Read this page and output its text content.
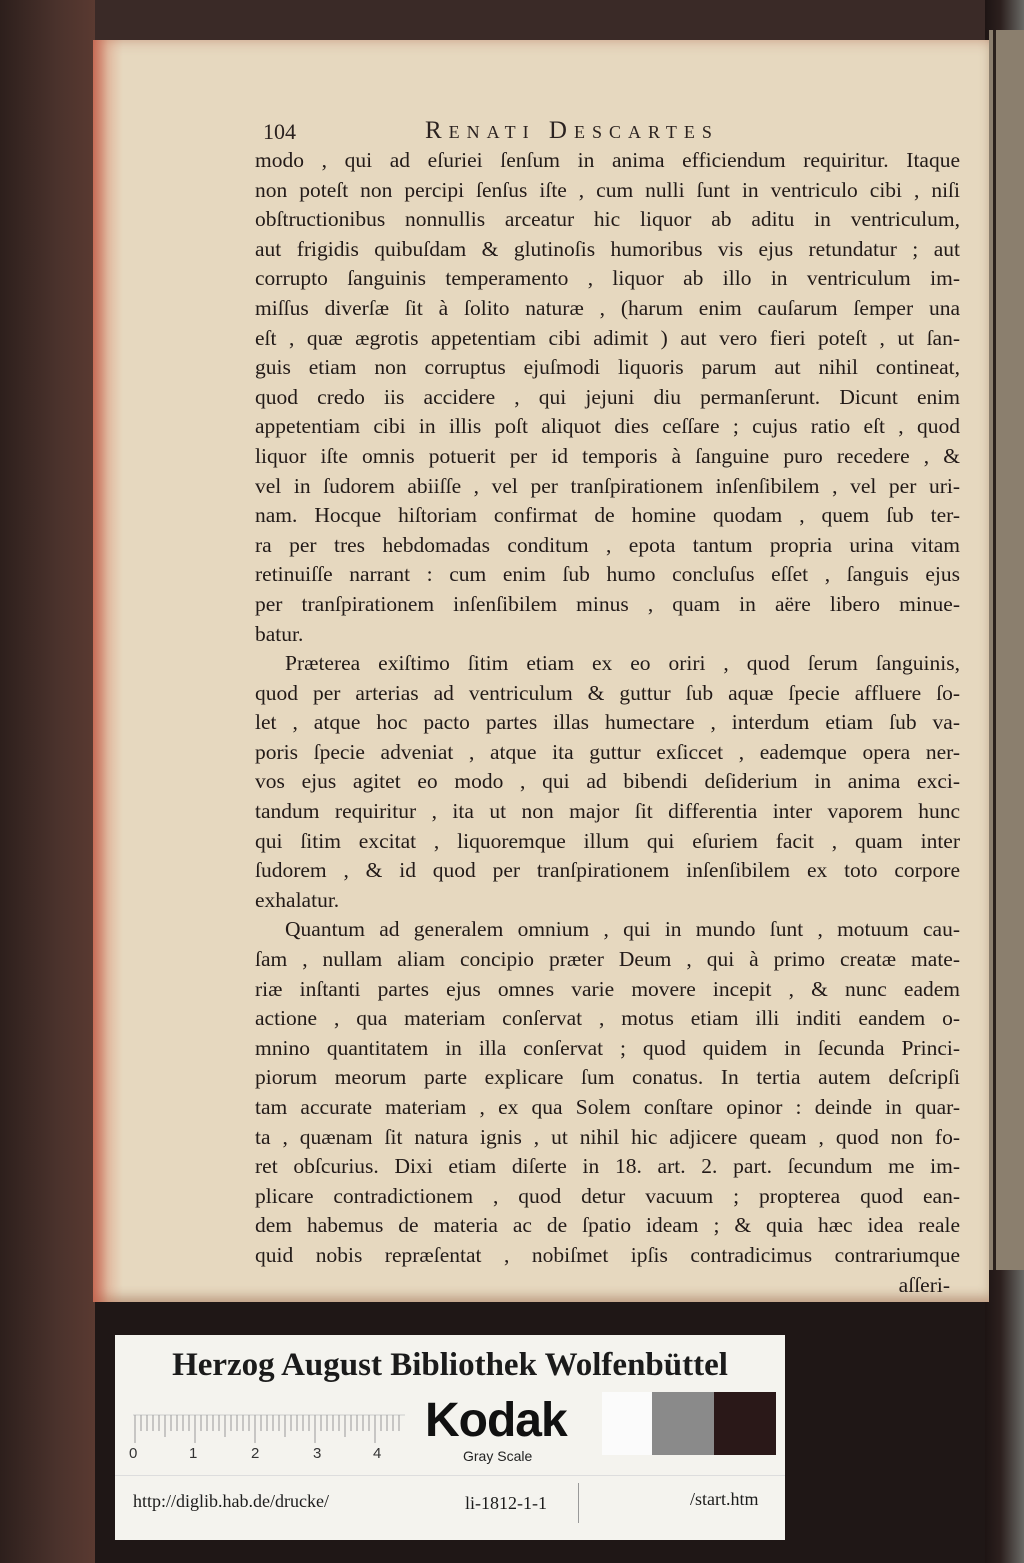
104	Renati Descartes
modo , qui ad eſuriei ſenſum in anima efficiendum requiritur. Itaque
non poteſt non percipi ſenſus iſte , cum nulli ſunt in ventriculo cibi , niſi
obſtructionibus nonnullis arceatur hic liquor ab aditu in ventriculum,
aut frigidis quibuſdam & glutinoſis humoribus vis ejus retundatur ; aut
corrupto ſanguinis temperamento , liquor ab illo in ventriculum im-
miſſus diverſæ ſit à ſolito naturæ , (harum enim cauſarum ſemper una
eſt , quæ ægrotis appetentiam cibi adimit ) aut vero fieri poteſt , ut ſan-
guis etiam non corruptus ejuſmodi liquoris parum aut nihil contineat,
quod credo iis accidere , qui jejuni diu permanſerunt. Dicunt enim
appetentiam cibi in illis poſt aliquot dies ceſſare ; cujus ratio eſt , quod
liquor iſte omnis potuerit per id temporis à ſanguine puro recedere , &
vel in ſudorem abiiſſe , vel per tranſpirationem inſenſibilem , vel per uri-
nam. Hocque hiſtoriam confirmat de homine quodam , quem ſub ter-
ra per tres hebdomadas conditum , epota tantum propria urina vitam
retinuiſſe narrant : cum enim ſub humo concluſus eſſet , ſanguis ejus
per tranſpirationem inſenſibilem minus , quam in aëre libero minue-
batur.
Præterea exiſtimo ſitim etiam ex eo oriri , quod ſerum ſanguinis,
quod per arterias ad ventriculum & guttur ſub aquæ ſpecie affluere ſo-
let , atque hoc pacto partes illas humectare , interdum etiam ſub va-
poris ſpecie adveniat , atque ita guttur exſiccet , eademque opera ner-
vos ejus agitet eo modo , qui ad bibendi deſiderium in anima exci-
tandum requiritur , ita ut non major ſit differentia inter vaporem hunc
qui ſitim excitat , liquoremque illum qui eſuriem facit , quam inter
ſudorem , & id quod per tranſpirationem inſenſibilem ex toto corpore
exhalatur.
Quantum ad generalem omnium , qui in mundo ſunt , motuum cau-
ſam , nullam aliam concipio præter Deum , qui à primo creatæ mate-
riæ inſtanti partes ejus omnes varie movere incepit , & nunc eadem
actione , qua materiam conſervat , motus etiam illi inditi eandem o-
mnino quantitatem in illa conſervat ; quod quidem in ſecunda Princi-
piorum meorum parte explicare ſum conatus. In tertia autem deſcripſi
tam accurate materiam , ex qua Solem conſtare opinor : deinde in quar-
ta , quænam ſit natura ignis , ut nihil hic adjicere queam , quod non fo-
ret obſcurius. Dixi etiam diſerte in 18. art. 2. part. ſecundum me im-
plicare contradictionem , quod detur vacuum ; propterea quod ean-
dem habemus de materia ac de ſpatio ideam ; & quia hæc idea reale
quid nobis repræſentat , nobiſmet ipſis contradicimus contrariumque
aſſeri-
Herzog August Bibliothek Wolfenbüttel
0	1	2	3	4
Kodak
Gray Scale
http://diglib.hab.de/drucke/	li-1812-1-1	/start.htm
